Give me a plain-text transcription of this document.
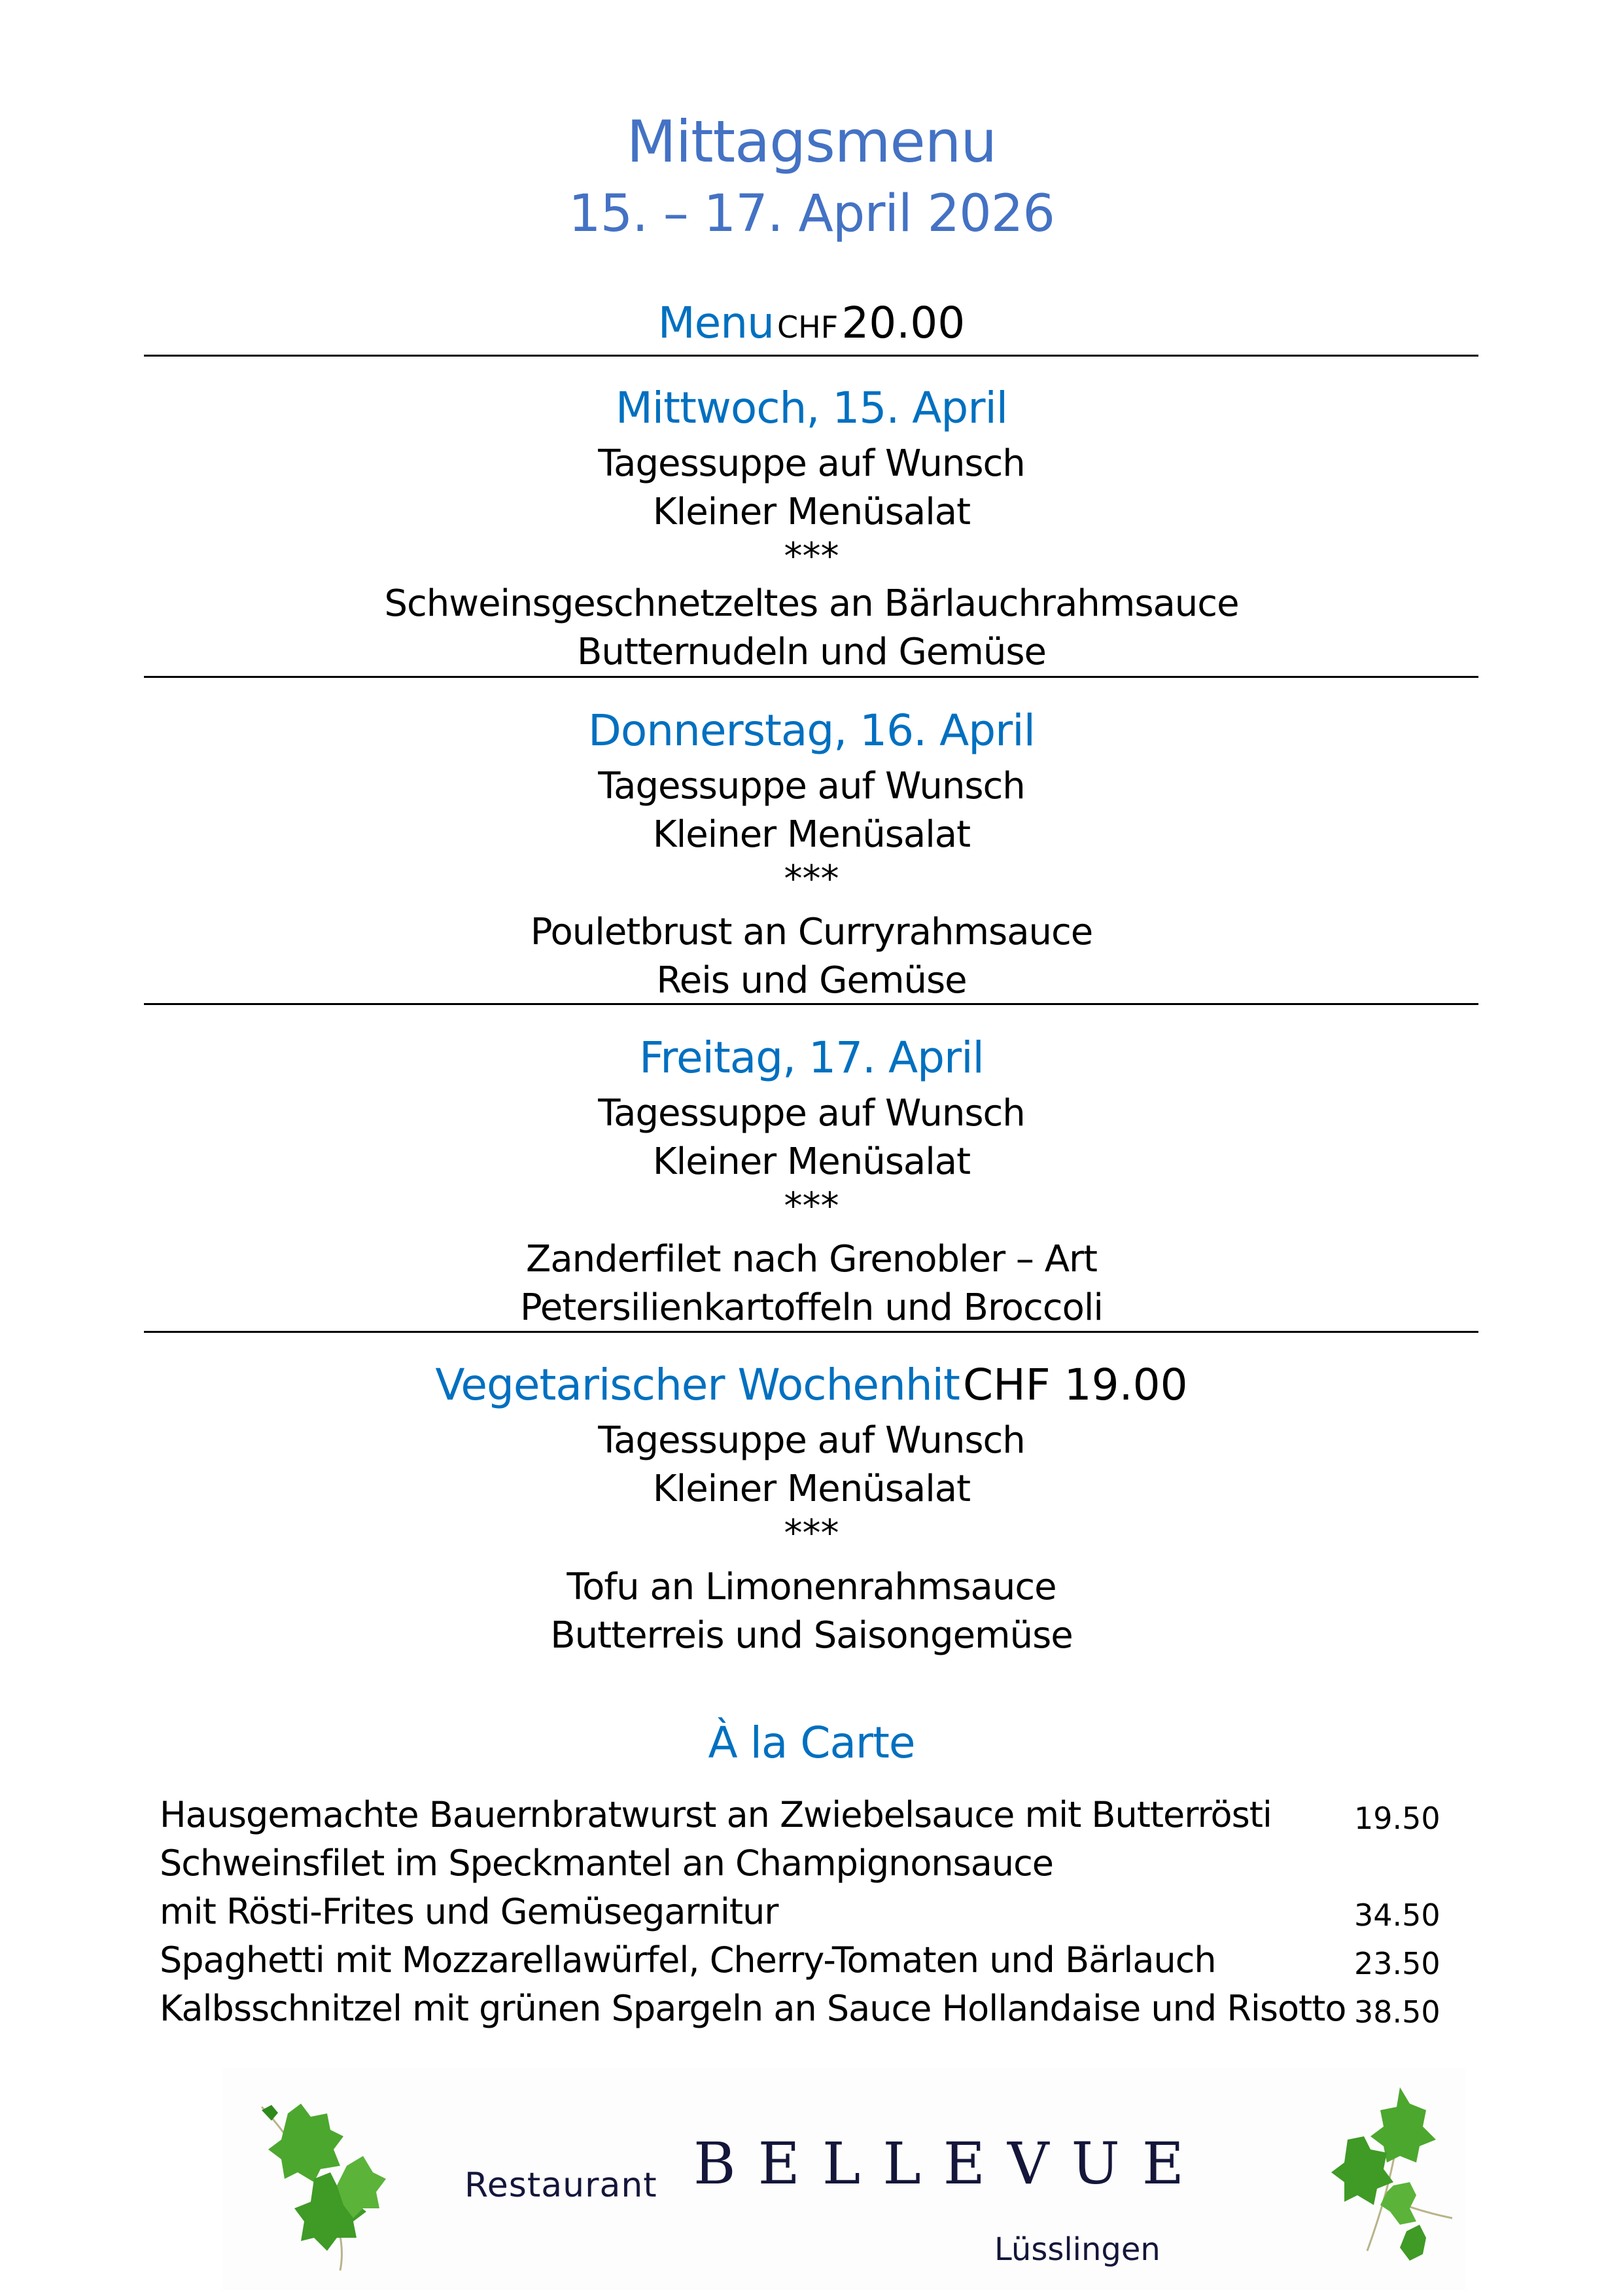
Mittagsmenu
15. – 17. April 2026
Menu CHF 20.00
Mittwoch, 15. April
Tagessuppe auf Wunsch
Kleiner Menüsalat
***
Schweinsgeschnetzeltes an Bärlauchrahmsauce
Butternudeln und Gemüse
Donnerstag, 16. April
Tagessuppe auf Wunsch
Kleiner Menüsalat
***
Pouletbrust an Curryrahmsauce
Reis und Gemüse
Freitag, 17. April
Tagessuppe auf Wunsch
Kleiner Menüsalat
***
Zanderfilet nach Grenobler – Art
Petersilienkartoffeln und Broccoli
Vegetarischer Wochenhit CHF 19.00
Tagessuppe auf Wunsch
Kleiner Menüsalat
***
Tofu an Limonenrahmsauce
Butterreis und Saisongemüse
À la Carte
Hausgemachte Bauernbratwurst an Zwiebelsauce mit Butterrösti	19.50
Schweinsfilet im Speckmantel an Champignonsauce
mit Rösti-Frites und Gemüsegarnitur	34.50
Spaghetti mit Mozzarellawürfel, Cherry-Tomaten und Bärlauch	23.50
Kalbsschnitzel mit grünen Spargeln an Sauce Hollandaise und Risotto 38.50
Restaurant BELLEVUE
Lüsslingen
